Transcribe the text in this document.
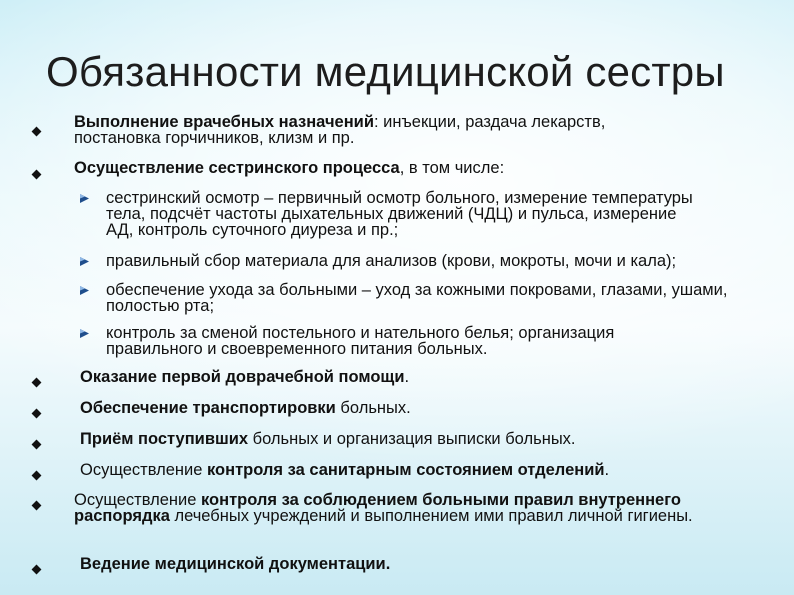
Обязанности медицинской сестры
Выполнение врачебных назначений: инъекции, раздача лекарств, постановка горчичников, клизм и пр.
Осуществление сестринского процесса, в том числе:
Оказание первой доврачебной помощи.
Обеспечение транспортировки больных.
Приём поступивших больных и организация выписки больных.
Осуществление контроля за санитарным состоянием отделений.
Осуществление контроля за соблюдением больными правил внутреннего распорядка лечебных учреждений и выполнением ими правил личной гигиены.
Ведение медицинской документации.
сестринский осмотр – первичный осмотр больного, измерение температуры тела, подсчёт частоты дыхательных движений (ЧДЦ) и пульса, измерение АД, контроль суточного диуреза и пр.;
правильный сбор материала для анализов (крови, мокроты, мочи и кала);
обеспечение ухода за больными – уход за кожными покровами, глазами, ушами, полостью рта;
контроль за сменой постельного и нательного белья; организация правильного и своевременного питания больных.
